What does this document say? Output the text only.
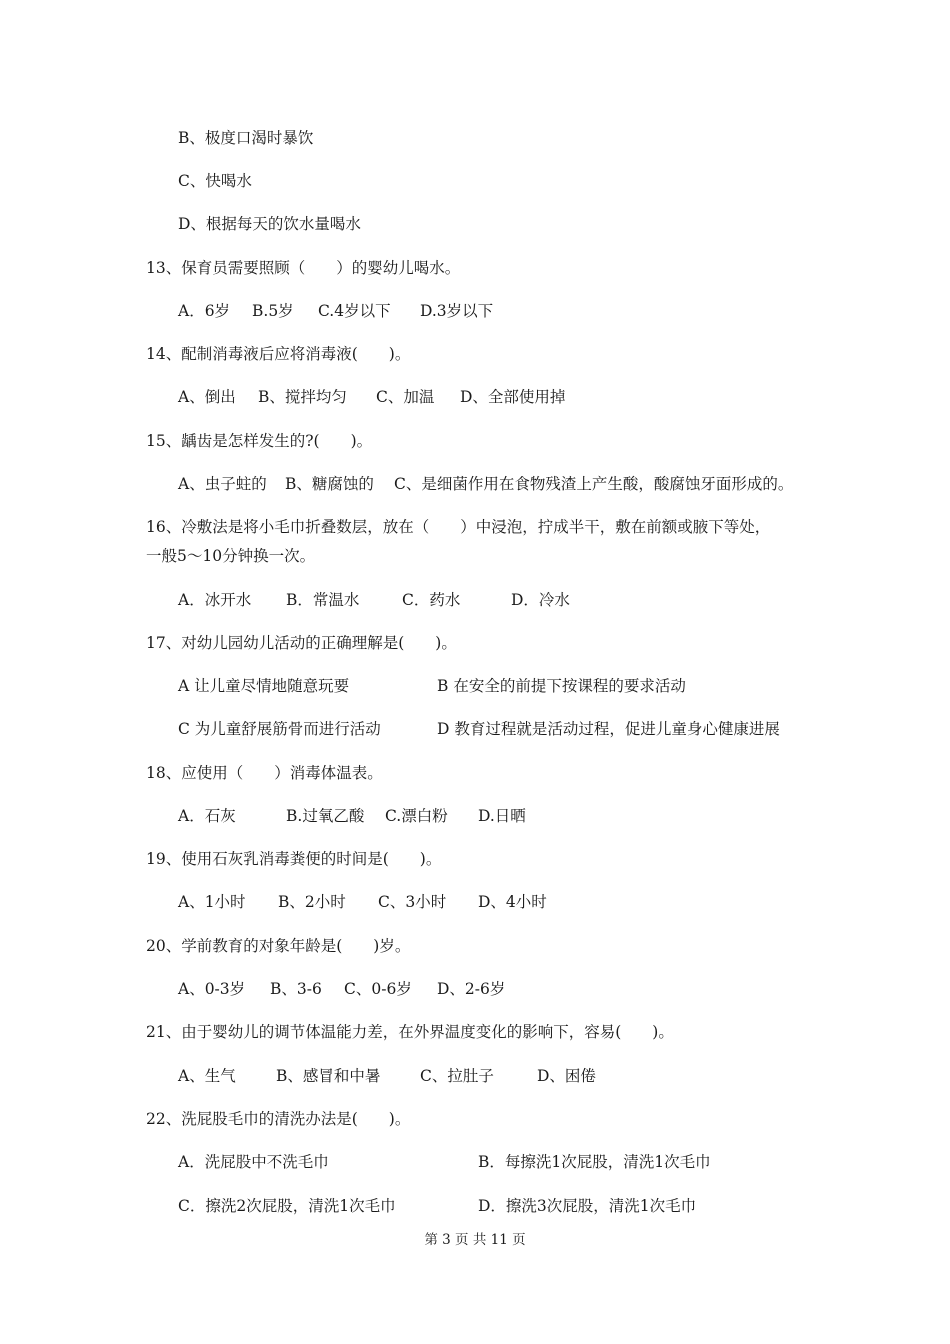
B、极度口渴时暴饮
C、快喝水
D、根据每天的饮水量喝水
13、保育员需要照顾（　　）的婴幼儿喝水。
A．6岁 B.5岁 C.4岁以下 D.3岁以下
14、配制消毒液后应将消毒液(　　)。
A、倒出 B、搅拌均匀 C、加温 D、全部使用掉
15、龋齿是怎样发生的?(　　)。
A、虫子蛀的 B、糖腐蚀的 C、是细菌作用在食物残渣上产生酸，酸腐蚀牙面形成的。
16、冷敷法是将小毛巾折叠数层，放在（　　）中浸泡，拧成半干，敷在前额或腋下等处，
一般5～10分钟换一次。
A．冰开水 B．常温水	C．药水	D．冷水
17、对幼儿园幼儿活动的正确理解是(　　)。
A 让儿童尽情地随意玩要	B 在安全的前提下按课程的要求活动
C 为儿童舒展筋骨而进行活动	D 教育过程就是活动过程，促进儿童身心健康进展
18、应使用（　　）消毒体温表。
A．石灰	B.过氧乙酸 C.漂白粉 D.日晒
19、使用石灰乳消毒粪便的时间是(　　)。
A、1小时 B、2小时 C、3小时 D、4小时
20、学前教育的对象年龄是(　　)岁。
A、0-3岁 B、3-6 C、0-6岁 D、2-6岁
21、由于婴幼儿的调节体温能力差，在外界温度变化的影响下，容易(　　)。
A、生气	B、感冒和中暑	C、拉肚子	D、困倦
22、洗屁股毛巾的清洗办法是(　　)。
A．洗屁股中不洗毛巾	B．每擦洗1次屁股，清洗1次毛巾
C．擦洗2次屁股，清洗1次毛巾	D．擦洗3次屁股，清洗1次毛巾
第 3 页 共 11 页
